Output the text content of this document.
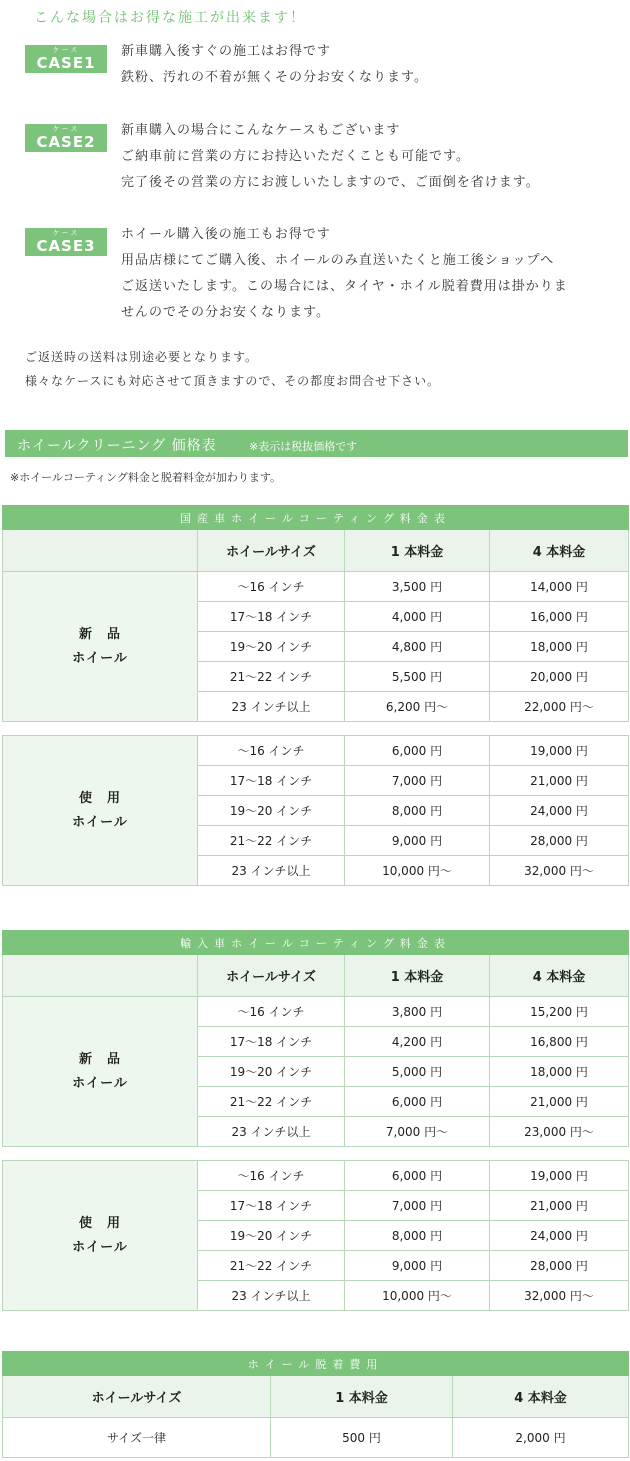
こんな場合はお得な施工が出来ます！
ケース
CASE1

新車購入後すぐの施工はお得です

鉄粉、汚れの不着が無くその分お安くなります。

ケース
CASE2

新車購入の場合にこんなケースもございます

ご納車前に営業の方にお持込いただくことも可能です。

完了後その営業の方にお渡しいたしますので、ご面倒を省けます。

ケース
CASE3

ホイール購入後の施工もお得です

用品店様にてご購入後、ホイールのみ直送いたくと施工後ショップへ

ご返送いたします。この場合には、タイヤ・ホイル脱着費用は掛かりま

せんのでその分お安くなります。

ご返送時の送料は別途必要となります。

様々なケースにも対応させて頂きますので、その都度お問合せ下さい。

ホイールクリーニング 価格表	※表示は税抜価格です
※ホイールコーティング料金と脱着料金が加わります。
国産車ホイールコーティング料金表			
	ホイールサイズ	1 本料金	4 本料金
新　品
ホイール	～16 インチ	3,500 円	14,000 円
	17～18 インチ	4,000 円	16,000 円
	19～20 インチ	4,800 円	18,000 円
	21～22 インチ	5,500 円	20,000 円
	23 インチ以上	6,200 円～	22,000 円～

使　用
ホイール	～16 インチ	6,000 円	19,000 円
	17～18 インチ	7,000 円	21,000 円
	19～20 インチ	8,000 円	24,000 円
	21～22 インチ	9,000 円	28,000 円
	23 インチ以上	10,000 円～	32,000 円～
輸入車ホイールコーティング料金表			
	ホイールサイズ	1 本料金	4 本料金
新　品
ホイール	～16 インチ	3,800 円	15,200 円
	17～18 インチ	4,200 円	16,800 円
	19～20 インチ	5,000 円	18,000 円
	21～22 インチ	6,000 円	21,000 円
	23 インチ以上	7,000 円～	23,000 円～

使　用
ホイール	～16 インチ	6,000 円	19,000 円
	17～18 インチ	7,000 円	21,000 円
	19～20 インチ	8,000 円	24,000 円
	21～22 インチ	9,000 円	28,000 円
	23 インチ以上	10,000 円～	32,000 円～
ホイール脱着費用		
ホイールサイズ	1 本料金	4 本料金
サイズ一律	500 円	2,000 円
